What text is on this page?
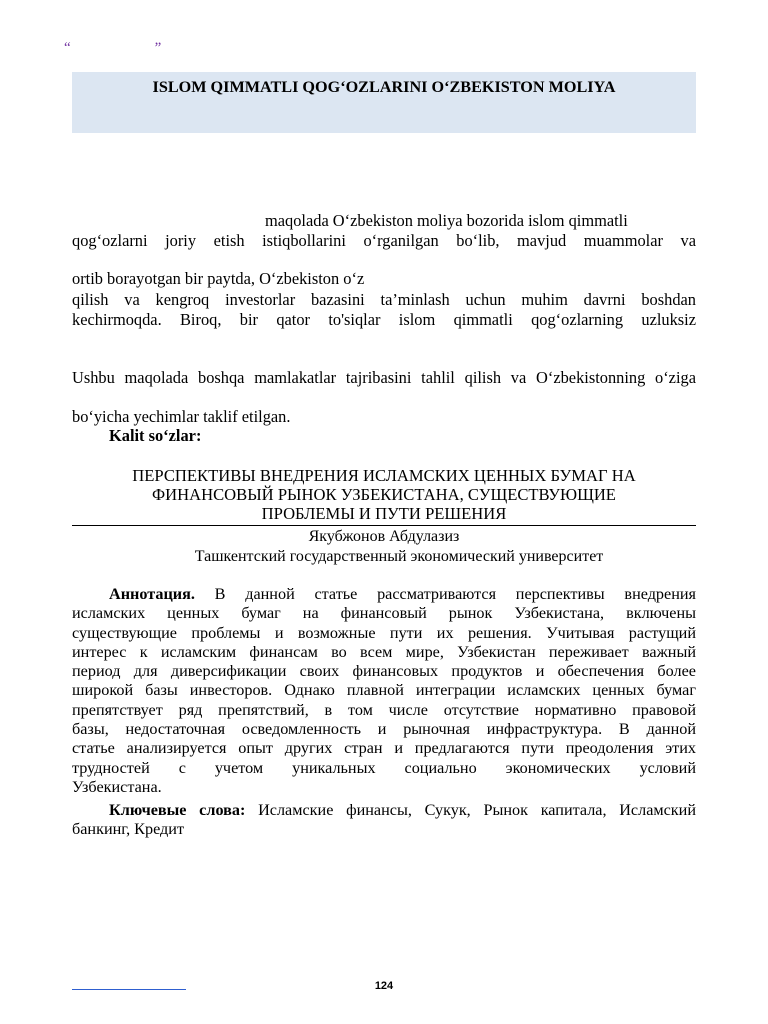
“	”
ISLOM QIMMATLI QOG‘OZLARINI O‘ZBEKISTON MOLIYA
maqolada O‘zbekiston moliya bozorida islom qimmatli
qog‘ozlarni joriy etish istiqbollarini o‘rganilgan bo‘lib, mavjud muammolar va
ortib borayotgan bir paytda, O‘zbekiston o‘z
qilish va kengroq investorlar bazasini ta’minlash uchun muhim davrni boshdan
kechirmoqda. Biroq, bir qator to'siqlar islom qimmatli qog‘ozlarning uzluksiz
Ushbu maqolada boshqa mamlakatlar tajribasini tahlil qilish va O‘zbekistonning o‘ziga
bo‘yicha yechimlar taklif etilgan.
Kalit so‘zlar:
ПЕРСПЕКТИВЫ ВНЕДРЕНИЯ ИСЛАМСКИХ ЦЕННЫХ БУМАГ НА
ФИНАНСОВЫЙ РЫНОК УЗБЕКИСТАНА, СУЩЕСТВУЮЩИЕ
ПРОБЛЕМЫ И ПУТИ РЕШЕНИЯ
Якубжонов Абдулазиз
Ташкентский государственный экономический университет
Аннотация. В данной статье рассматриваются перспективы внедрения
исламских ценных бумаг на финансовый рынок Узбекистана, включены
существующие проблемы и возможные пути их решения. Учитывая растущий
интерес к исламским финансам во всем мире, Узбекистан переживает важный
период для диверсификации своих финансовых продуктов и обеспечения более
широкой базы инвесторов. Однако плавной интеграции исламских ценных бумаг
препятствует ряд препятствий, в том числе отсутствие нормативно правовой
базы, недостаточная осведомленность и рыночная инфраструктура. В данной
статье анализируется опыт других стран и предлагаются пути преодоления этих
трудностей с учетом уникальных социально экономических условий
Узбекистана.
Ключевые слова: Исламские финансы, Сукук, Рынок капитала, Исламский
банкинг, Кредит
124
